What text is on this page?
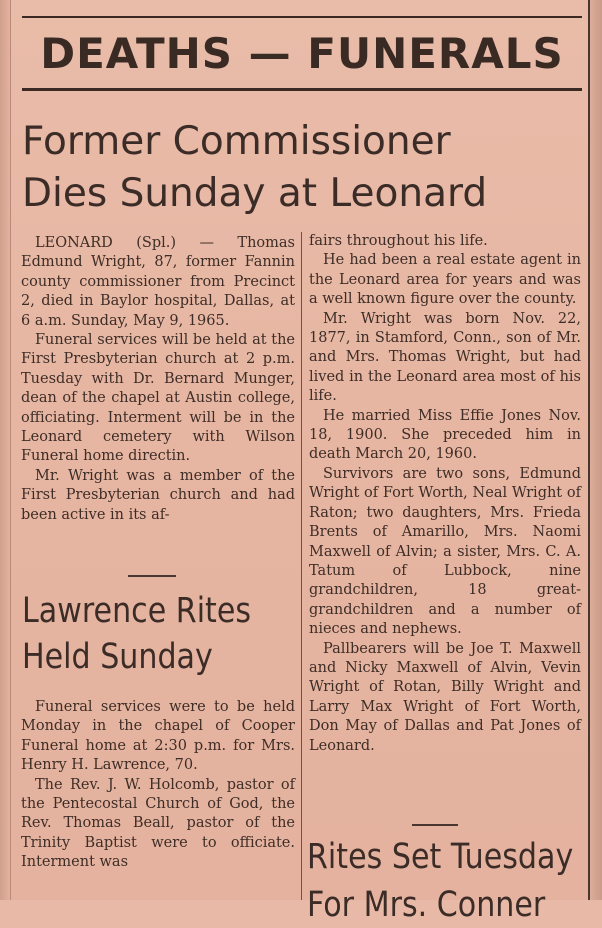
DEATHS — FUNERALS
Former Commissioner
Dies Sunday at Leonard

LEONARD (Spl.) — Thomas Edmund Wright, 87, former Fannin county commissioner from Precinct 2, died in Baylor hospital, Dallas, at 6 a.m. Sunday, May 9, 1965.

Funeral services will be held at the First Presbyterian church at 2 p.m. Tuesday with Dr. Bernard Munger, dean of the chapel at Austin college, officiating. Interment will be in the Leonard cemetery with Wilson Funeral home directin.

Mr. Wright was a member of the First Presbyterian church and had been active in its af-

Lawrence Rites
Held Sunday

Funeral services were to be held Monday in the chapel of Cooper Funeral home at 2:30 p.m. for Mrs. Henry H. Lawrence, 70.

The Rev. J. W. Holcomb, pastor of the Pentecostal Church of God, the Rev. Thomas Beall, pastor of the Trinity Baptist were to officiate. Interment was

fairs throughout his life.

He had been a real estate agent in the Leonard area for years and was a well known figure over the county.

Mr. Wright was born Nov. 22, 1877, in Stamford, Conn., son of Mr. and Mrs. Thomas Wright, but had lived in the Leonard area most of his life.

He married Miss Effie Jones Nov. 18, 1900. She preceded him in death March 20, 1960.

Survivors are two sons, Edmund Wright of Fort Worth, Neal Wright of Raton; two daughters, Mrs. Frieda Brents of Amarillo, Mrs. Naomi Maxwell of Alvin; a sister, Mrs. C. A. Tatum of Lubbock, nine grandchildren, 18 great-grandchildren and a number of nieces and nephews.

Pallbearers will be Joe T. Maxwell and Nicky Maxwell of Alvin, Vevin Wright of Rotan, Billy Wright and Larry Max Wright of Fort Worth, Don May of Dallas and Pat Jones of Leonard.

Rites Set Tuesday
For Mrs. Conner
